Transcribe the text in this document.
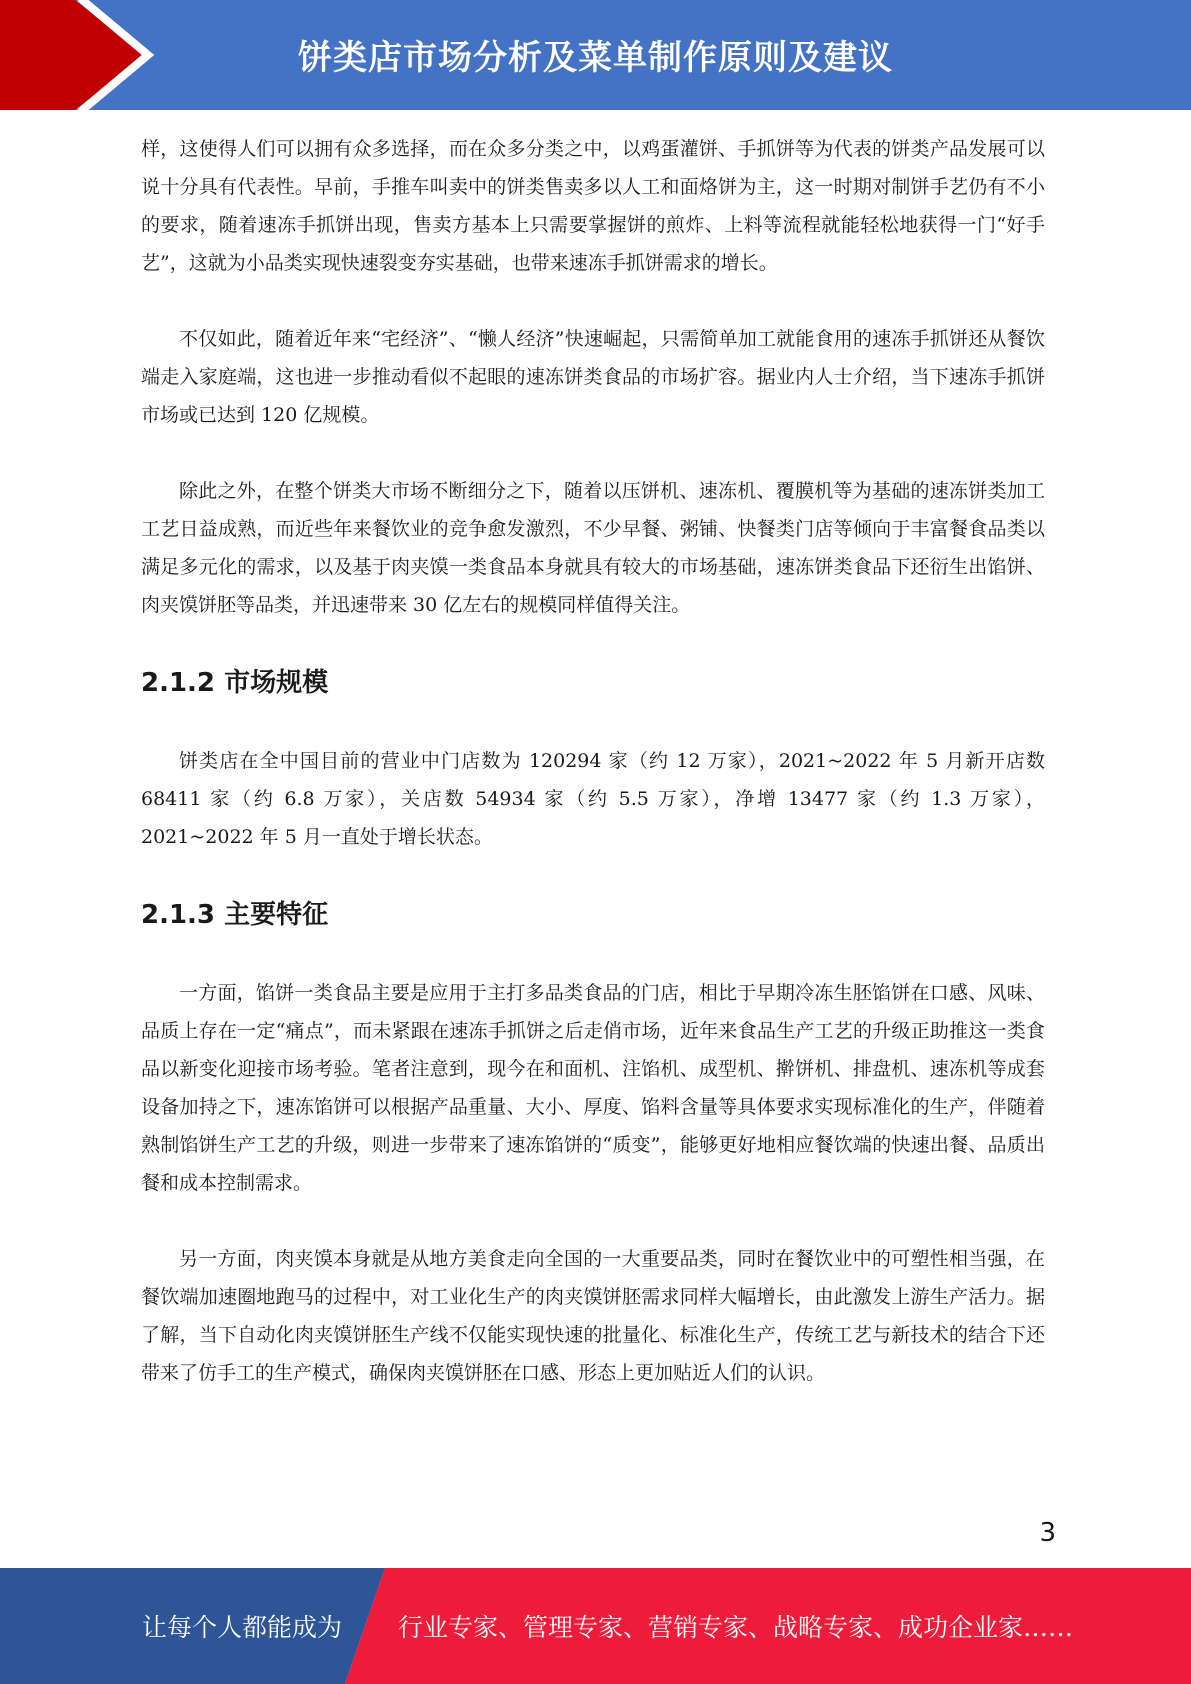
饼类店市场分析及菜单制作原则及建议

样，这使得人们可以拥有众多选择，而在众多分类之中，以鸡蛋灌饼、手抓饼等为代表的饼类产品发展可以说十分具有代表性。早前，手推车叫卖中的饼类售卖多以人工和面烙饼为主，这一时期对制饼手艺仍有不小的要求，随着速冻手抓饼出现，售卖方基本上只需要掌握饼的煎炸、上料等流程就能轻松地获得一门“好手艺”，这就为小品类实现快速裂变夯实基础，也带来速冻手抓饼需求的增长。

不仅如此，随着近年来“宅经济”、“懒人经济”快速崛起，只需简单加工就能食用的速冻手抓饼还从餐饮端走入家庭端，这也进一步推动看似不起眼的速冻饼类食品的市场扩容。据业内人士介绍，当下速冻手抓饼市场或已达到 120 亿规模。

除此之外，在整个饼类大市场不断细分之下，随着以压饼机、速冻机、覆膜机等为基础的速冻饼类加工工艺日益成熟，而近些年来餐饮业的竞争愈发激烈，不少早餐、粥铺、快餐类门店等倾向于丰富餐食品类以满足多元化的需求，以及基于肉夹馍一类食品本身就具有较大的市场基础，速冻饼类食品下还衍生出馅饼、肉夹馍饼胚等品类，并迅速带来 30 亿左右的规模同样值得关注。

2.1.2 市场规模

饼类店在全中国目前的营业中门店数为 120294 家（约 12 万家），2021~2022 年 5 月新开店数 68411 家（约 6.8 万家），关店数 54934 家（约 5.5 万家），净增 13477 家（约 1.3 万家），2021~2022 年 5 月一直处于增长状态。

2.1.3 主要特征

一方面，馅饼一类食品主要是应用于主打多品类食品的门店，相比于早期冷冻生胚馅饼在口感、风味、品质上存在一定“痛点”，而未紧跟在速冻手抓饼之后走俏市场，近年来食品生产工艺的升级正助推这一类食品以新变化迎接市场考验。笔者注意到，现今在和面机、注馅机、成型机、擀饼机、排盘机、速冻机等成套设备加持之下，速冻馅饼可以根据产品重量、大小、厚度、馅料含量等具体要求实现标准化的生产，伴随着熟制馅饼生产工艺的升级，则进一步带来了速冻馅饼的“质变”，能够更好地相应餐饮端的快速出餐、品质出餐和成本控制需求。

另一方面，肉夹馍本身就是从地方美食走向全国的一大重要品类，同时在餐饮业中的可塑性相当强，在餐饮端加速圈地跑马的过程中，对工业化生产的肉夹馍饼胚需求同样大幅增长，由此激发上游生产活力。据了解，当下自动化肉夹馍饼胚生产线不仅能实现快速的批量化、标准化生产，传统工艺与新技术的结合下还带来了仿手工的生产模式，确保肉夹馍饼胚在口感、形态上更加贴近人们的认识。

3
让每个人都能成为 行业专家、管理专家、营销专家、战略专家、成功企业家……
